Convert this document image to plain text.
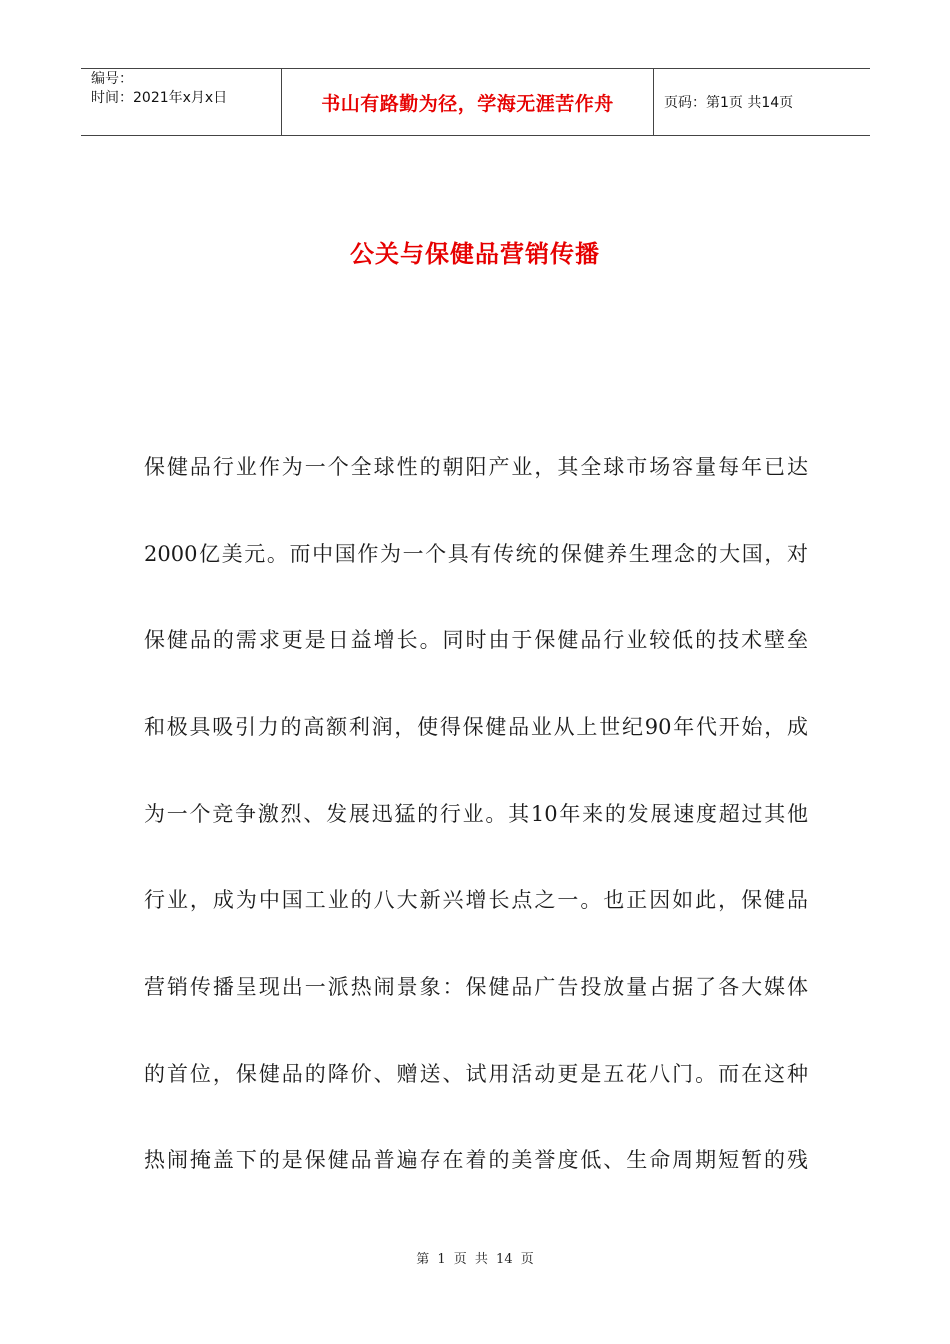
编号：
时间：2021年x月x日	书山有路勤为径，学海无涯苦作舟	页码：第1页 共14页
公关与保健品营销传播
保健品行业作为一个全球性的朝阳产业，其全球市场容量每年已达
2000亿美元。而中国作为一个具有传统的保健养生理念的大国，对
保健品的需求更是日益增长。同时由于保健品行业较低的技术壁垒
和极具吸引力的高额利润，使得保健品业从上世纪90年代开始，成
为一个竞争激烈、发展迅猛的行业。其10年来的发展速度超过其他
行业，成为中国工业的八大新兴增长点之一。也正因如此，保健品
营销传播呈现出一派热闹景象：保健品广告投放量占据了各大媒体
的首位，保健品的降价、赠送、试用活动更是五花八门。而在这种
热闹掩盖下的是保健品普遍存在着的美誉度低、生命周期短暂的残
第 1 页 共 14 页
